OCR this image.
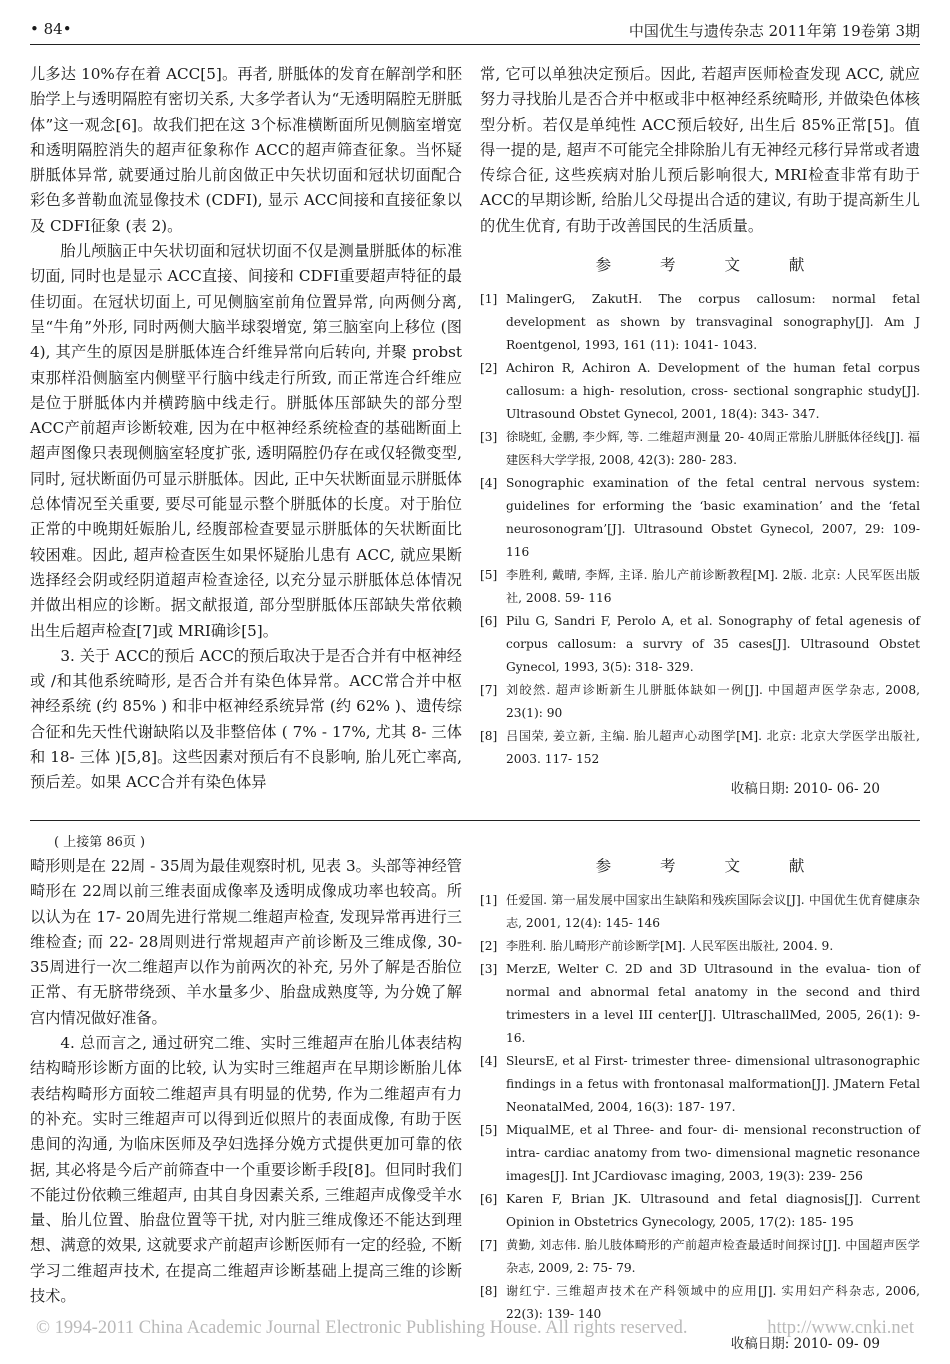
• 84•	中国优生与遗传杂志 2011年第 19卷第 3期

儿多达 10%存在着 ACC[5]。再者, 胼胝体的发育在解剖学和胚胎学上与透明隔腔有密切关系, 大多学者认为“无透明隔腔无胼胝体”这一观念[6]。故我们把在这 3个标准横断面所见侧脑室增宽和透明隔腔消失的超声征象称作 ACC的超声筛查征象。当怀疑胼胝体异常, 就要通过胎儿前囟做正中矢状切面和冠状切面配合彩色多普勒血流显像技术 (CDFI), 显示 ACC间接和直接征象以及 CDFI征象 (表 2)。

胎儿颅脑正中矢状切面和冠状切面不仅是测量胼胝体的标准切面, 同时也是显示 ACC直接、间接和 CDFI重要超声特征的最佳切面。在冠状切面上, 可见侧脑室前角位置异常, 向两侧分离, 呈“牛角”外形, 同时两侧大脑半球裂增宽, 第三脑室向上移位 (图 4), 其产生的原因是胼胝体连合纤维异常向后转向, 并聚 probst束那样沿侧脑室内侧壁平行脑中线走行所致, 而正常连合纤维应是位于胼胝体内并横跨脑中线走行。胼胝体压部缺失的部分型 ACC产前超声诊断较难, 因为在中枢神经系统检查的基础断面上超声图像只表现侧脑室轻度扩张, 透明隔腔仍存在或仅轻微变型, 同时, 冠状断面仍可显示胼胝体。因此, 正中矢状断面显示胼胝体总体情况至关重要, 要尽可能显示整个胼胝体的长度。对于胎位正常的中晚期妊娠胎儿, 经腹部检查要显示胼胝体的矢状断面比较困难。因此, 超声检查医生如果怀疑胎儿患有 ACC, 就应果断选择经会阴或经阴道超声检查途径, 以充分显示胼胝体总体情况并做出相应的诊断。据文献报道, 部分型胼胝体压部缺失常依赖出生后超声检查[7]或 MRI确诊[5]。

3. 关于 ACC的预后 ACC的预后取决于是否合并有中枢神经或 /和其他系统畸形, 是否合并有染色体异常。ACC常合并中枢神经系统 (约 85% ) 和非中枢神经系统异常 (约 62% )、遗传综合征和先天性代谢缺陷以及非整倍体 ( 7% - 17%, 尤其 8- 三体和 18- 三体 )[5,8]。这些因素对预后有不良影响, 胎儿死亡率高, 预后差。如果 ACC合并有染色体异

常, 它可以单独决定预后。因此, 若超声医师检查发现 ACC, 就应努力寻找胎儿是否合并中枢或非中枢神经系统畸形, 并做染色体核型分析。若仅是单纯性 ACC预后较好, 出生后 85%正常[5]。值得一提的是, 超声不可能完全排除胎儿有无神经元移行异常或者遗传综合征, 这些疾病对胎儿预后影响很大, MRI检查非常有助于 ACC的早期诊断, 给胎儿父母提出合适的建议, 有助于提高新生儿的优生优育, 有助于改善国民的生活质量。

参 考 文 献
[1] MalingerG, ZakutH. The corpus callosum: normal fetal development as shown by transvaginal sonography[J]. Am J Roentgenol, 1993, 161 (11): 1041- 1043.
[2] Achiron R, Achiron A. Development of the human fetal corpus callosum: a high- resolution, cross- sectional songraphic study[J]. Ultrasound Obstet Gynecol, 2001, 18(4): 343- 347.
[3] 徐晓虹, 金鹏, 李少辉, 等. 二维超声测量 20- 40周正常胎儿胼胝体径线[J]. 福建医科大学学报, 2008, 42(3): 280- 283.
[4] Sonographic examination of the fetal central nervous system: guidelines for erforming the ‘basic examination’ and the ‘fetal neurosonogram’[J]. Ultrasound Obstet Gynecol, 2007, 29: 109- 116
[5] 李胜利, 戴晴, 李辉, 主译. 胎儿产前诊断教程[M]. 2版. 北京: 人民军医出版社, 2008. 59- 116
[6] Pilu G, Sandri F, Perolo A, et al. Sonography of fetal agenesis of corpus callosum: a survry of 35 cases[J]. Ultrasound Obstet Gynecol, 1993, 3(5): 318- 329.
[7] 刘皎然. 超声诊断新生儿胼胝体缺如一例[J]. 中国超声医学杂志, 2008, 23(1): 90
[8] 吕国荣, 姜立新, 主编. 胎儿超声心动图学[M]. 北京: 北京大学医学出版社, 2003. 117- 152
收稿日期: 2010- 06- 20
( 上接第 86页 )

畸形则是在 22周 - 35周为最佳观察时机, 见表 3。头部等神经管畸形在 22周以前三维表面成像率及透明成像成功率也较高。所以认为在 17- 20周先进行常规二维超声检查, 发现异常再进行三维检查; 而 22- 28周则进行常规超声产前诊断及三维成像, 30- 35周进行一次二维超声以作为前两次的补充, 另外了解是否胎位正常、有无脐带绕颈、羊水量多少、胎盘成熟度等, 为分娩了解宫内情况做好准备。

4. 总而言之, 通过研究二维、实时三维超声在胎儿体表结构结构畸形诊断方面的比较, 认为实时三维超声在早期诊断胎儿体表结构畸形方面较二维超声具有明显的优势, 作为二维超声有力的补充。实时三维超声可以得到近似照片的表面成像, 有助于医患间的沟通, 为临床医师及孕妇选择分娩方式提供更加可靠的依据, 其必将是今后产前筛查中一个重要诊断手段[8]。但同时我们不能过份依赖三维超声, 由其自身因素关系, 三维超声成像受羊水量、胎儿位置、胎盘位置等干扰, 对内脏三维成像还不能达到理想、满意的效果, 这就要求产前超声诊断医师有一定的经验, 不断学习二维超声技术, 在提高二维超声诊断基础上提高三维的诊断技术。

参 考 文 献
[1] 任爱国. 第一届发展中国家出生缺陷和残疾国际会议[J]. 中国优生优育健康杂志, 2001, 12(4): 145- 146
[2] 李胜利. 胎儿畸形产前诊断学[M]. 人民军医出版社, 2004. 9.
[3] MerzE, Welter C. 2D and 3D Ultrasound in the evalua- tion of normal and abnormal fetal anatomy in the second and third trimesters in a level III center[J]. UltraschallMed, 2005, 26(1): 9- 16.
[4] SleursE, et al First- trimester three- dimensional ultrasonographic findings in a fetus with frontonasal malformation[J]. JMatern Fetal NeonatalMed, 2004, 16(3): 187- 197.
[5] MiqualME, et al Three- and four- di- mensional reconstruction of intra- cardiac anatomy from two- dimensional magnetic resonance images[J]. Int JCardiovasc imaging, 2003, 19(3): 239- 256
[6] Karen F, Brian JK. Ultrasound and fetal diagnosis[J]. Current Opinion in Obstetrics Gynecology, 2005, 17(2): 185- 195
[7] 黄勤, 刘志伟. 胎儿肢体畸形的产前超声检查最适时间探讨[J]. 中国超声医学杂志, 2009, 2: 75- 79.
[8] 谢红宁. 三维超声技术在产科领域中的应用[J]. 实用妇产科杂志, 2006, 22(3): 139- 140
收稿日期: 2010- 09- 09
© 1994-2011 China Academic Journal Electronic Publishing House. All rights reserved.	http://www.cnki.net
